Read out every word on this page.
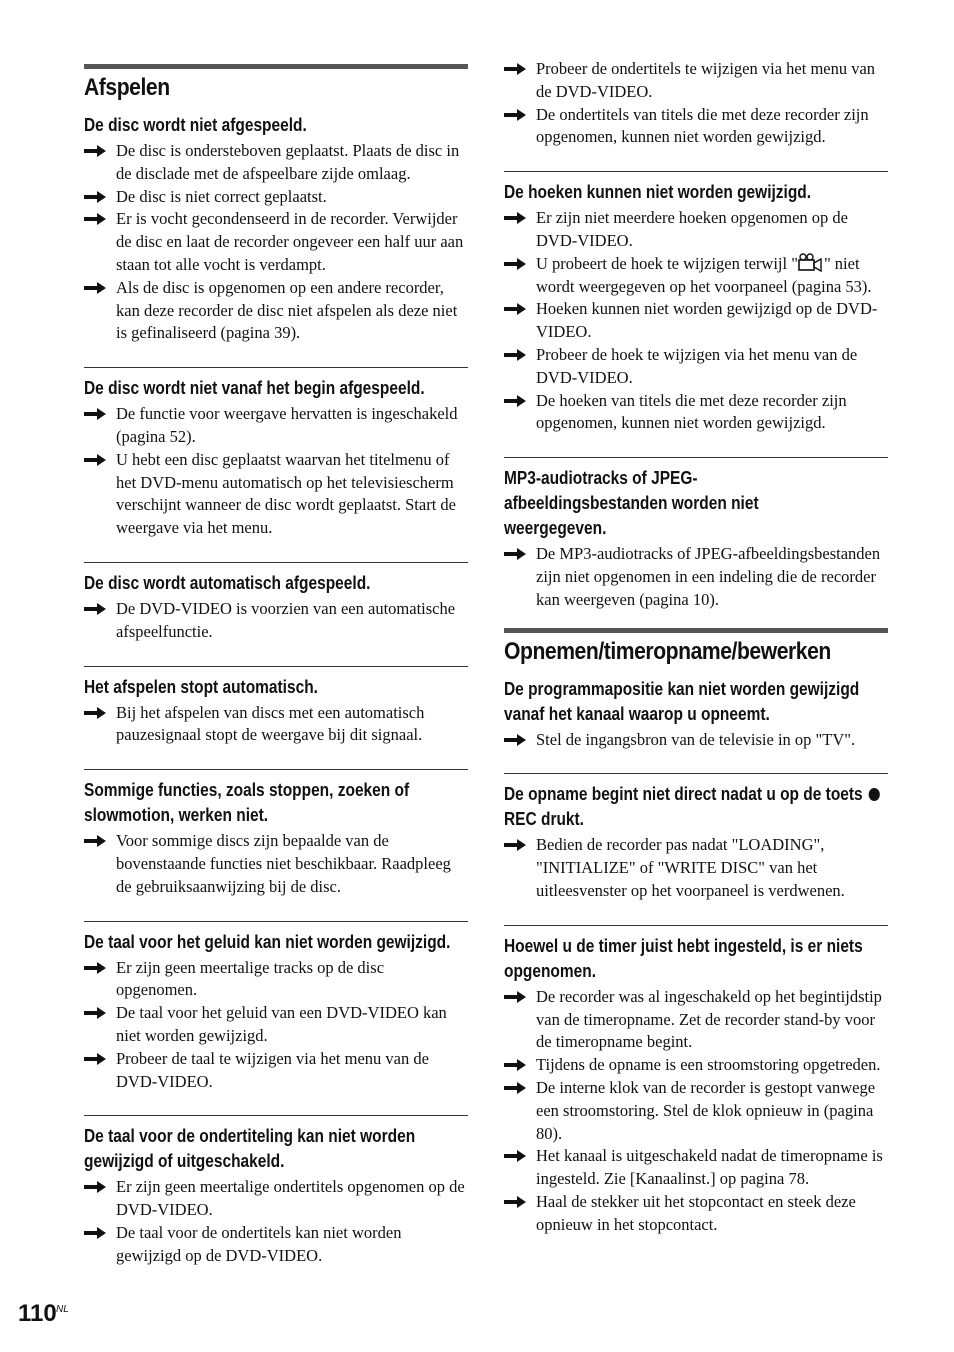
Afspelen
De disc wordt niet afgespeeld.
De disc is ondersteboven geplaatst. Plaats de disc in de disclade met de afspeelbare zijde omlaag.
De disc is niet correct geplaatst.
Er is vocht gecondenseerd in de recorder. Verwijder de disc en laat de recorder ongeveer een half uur aan staan tot alle vocht is verdampt.
Als de disc is opgenomen op een andere recorder, kan deze recorder de disc niet afspelen als deze niet is gefinaliseerd (pagina 39).
De disc wordt niet vanaf het begin afgespeeld.
De functie voor weergave hervatten is ingeschakeld (pagina 52).
U hebt een disc geplaatst waarvan het titelmenu of het DVD-menu automatisch op het televisiescherm verschijnt wanneer de disc wordt geplaatst. Start de weergave via het menu.
De disc wordt automatisch afgespeeld.
De DVD-VIDEO is voorzien van een automatische afspeelfunctie.
Het afspelen stopt automatisch.
Bij het afspelen van discs met een automatisch pauzesignaal stopt de weergave bij dit signaal.
Sommige functies, zoals stoppen, zoeken of slowmotion, werken niet.
Voor sommige discs zijn bepaalde van de bovenstaande functies niet beschikbaar. Raadpleeg de gebruiksaanwijzing bij de disc.
De taal voor het geluid kan niet worden gewijzigd.
Er zijn geen meertalige tracks op de disc opgenomen.
De taal voor het geluid van een DVD-VIDEO kan niet worden gewijzigd.
Probeer de taal te wijzigen via het menu van de DVD-VIDEO.
De taal voor de ondertiteling kan niet worden gewijzigd of uitgeschakeld.
Er zijn geen meertalige ondertitels opgenomen op de DVD-VIDEO.
De taal voor de ondertitels kan niet worden gewijzigd op de DVD-VIDEO.
Probeer de ondertitels te wijzigen via het menu van de DVD-VIDEO.
De ondertitels van titels die met deze recorder zijn opgenomen, kunnen niet worden gewijzigd.
De hoeken kunnen niet worden gewijzigd.
Er zijn niet meerdere hoeken opgenomen op de DVD-VIDEO.
U probeert de hoek te wijzigen terwijl " " niet wordt weergegeven op het voorpaneel (pagina 53).
Hoeken kunnen niet worden gewijzigd op de DVD-VIDEO.
Probeer de hoek te wijzigen via het menu van de DVD-VIDEO.
De hoeken van titels die met deze recorder zijn opgenomen, kunnen niet worden gewijzigd.
MP3-audiotracks of JPEG-afbeeldingsbestanden worden niet weergegeven.
De MP3-audiotracks of JPEG-afbeeldingsbestanden zijn niet opgenomen in een indeling die de recorder kan weergeven (pagina 10).
Opnemen/timeropname/bewerken
De programmapositie kan niet worden gewijzigd vanaf het kanaal waarop u opneemt.
Stel de ingangsbron van de televisie in op "TV".
De opname begint niet direct nadat u op de toets  REC drukt.
Bedien de recorder pas nadat "LOADING", "INITIALIZE" of "WRITE DISC" van het uitleesvenster op het voorpaneel is verdwenen.
Hoewel u de timer juist hebt ingesteld, is er niets opgenomen.
De recorder was al ingeschakeld op het begintijdstip van de timeropname. Zet de recorder stand-by voor de timeropname begint.
Tijdens de opname is een stroomstoring opgetreden.
De interne klok van de recorder is gestopt vanwege een stroomstoring. Stel de klok opnieuw in (pagina 80).
Het kanaal is uitgeschakeld nadat de timeropname is ingesteld. Zie [Kanaalinst.] op pagina 78.
Haal de stekker uit het stopcontact en steek deze opnieuw in het stopcontact.
110 NL
